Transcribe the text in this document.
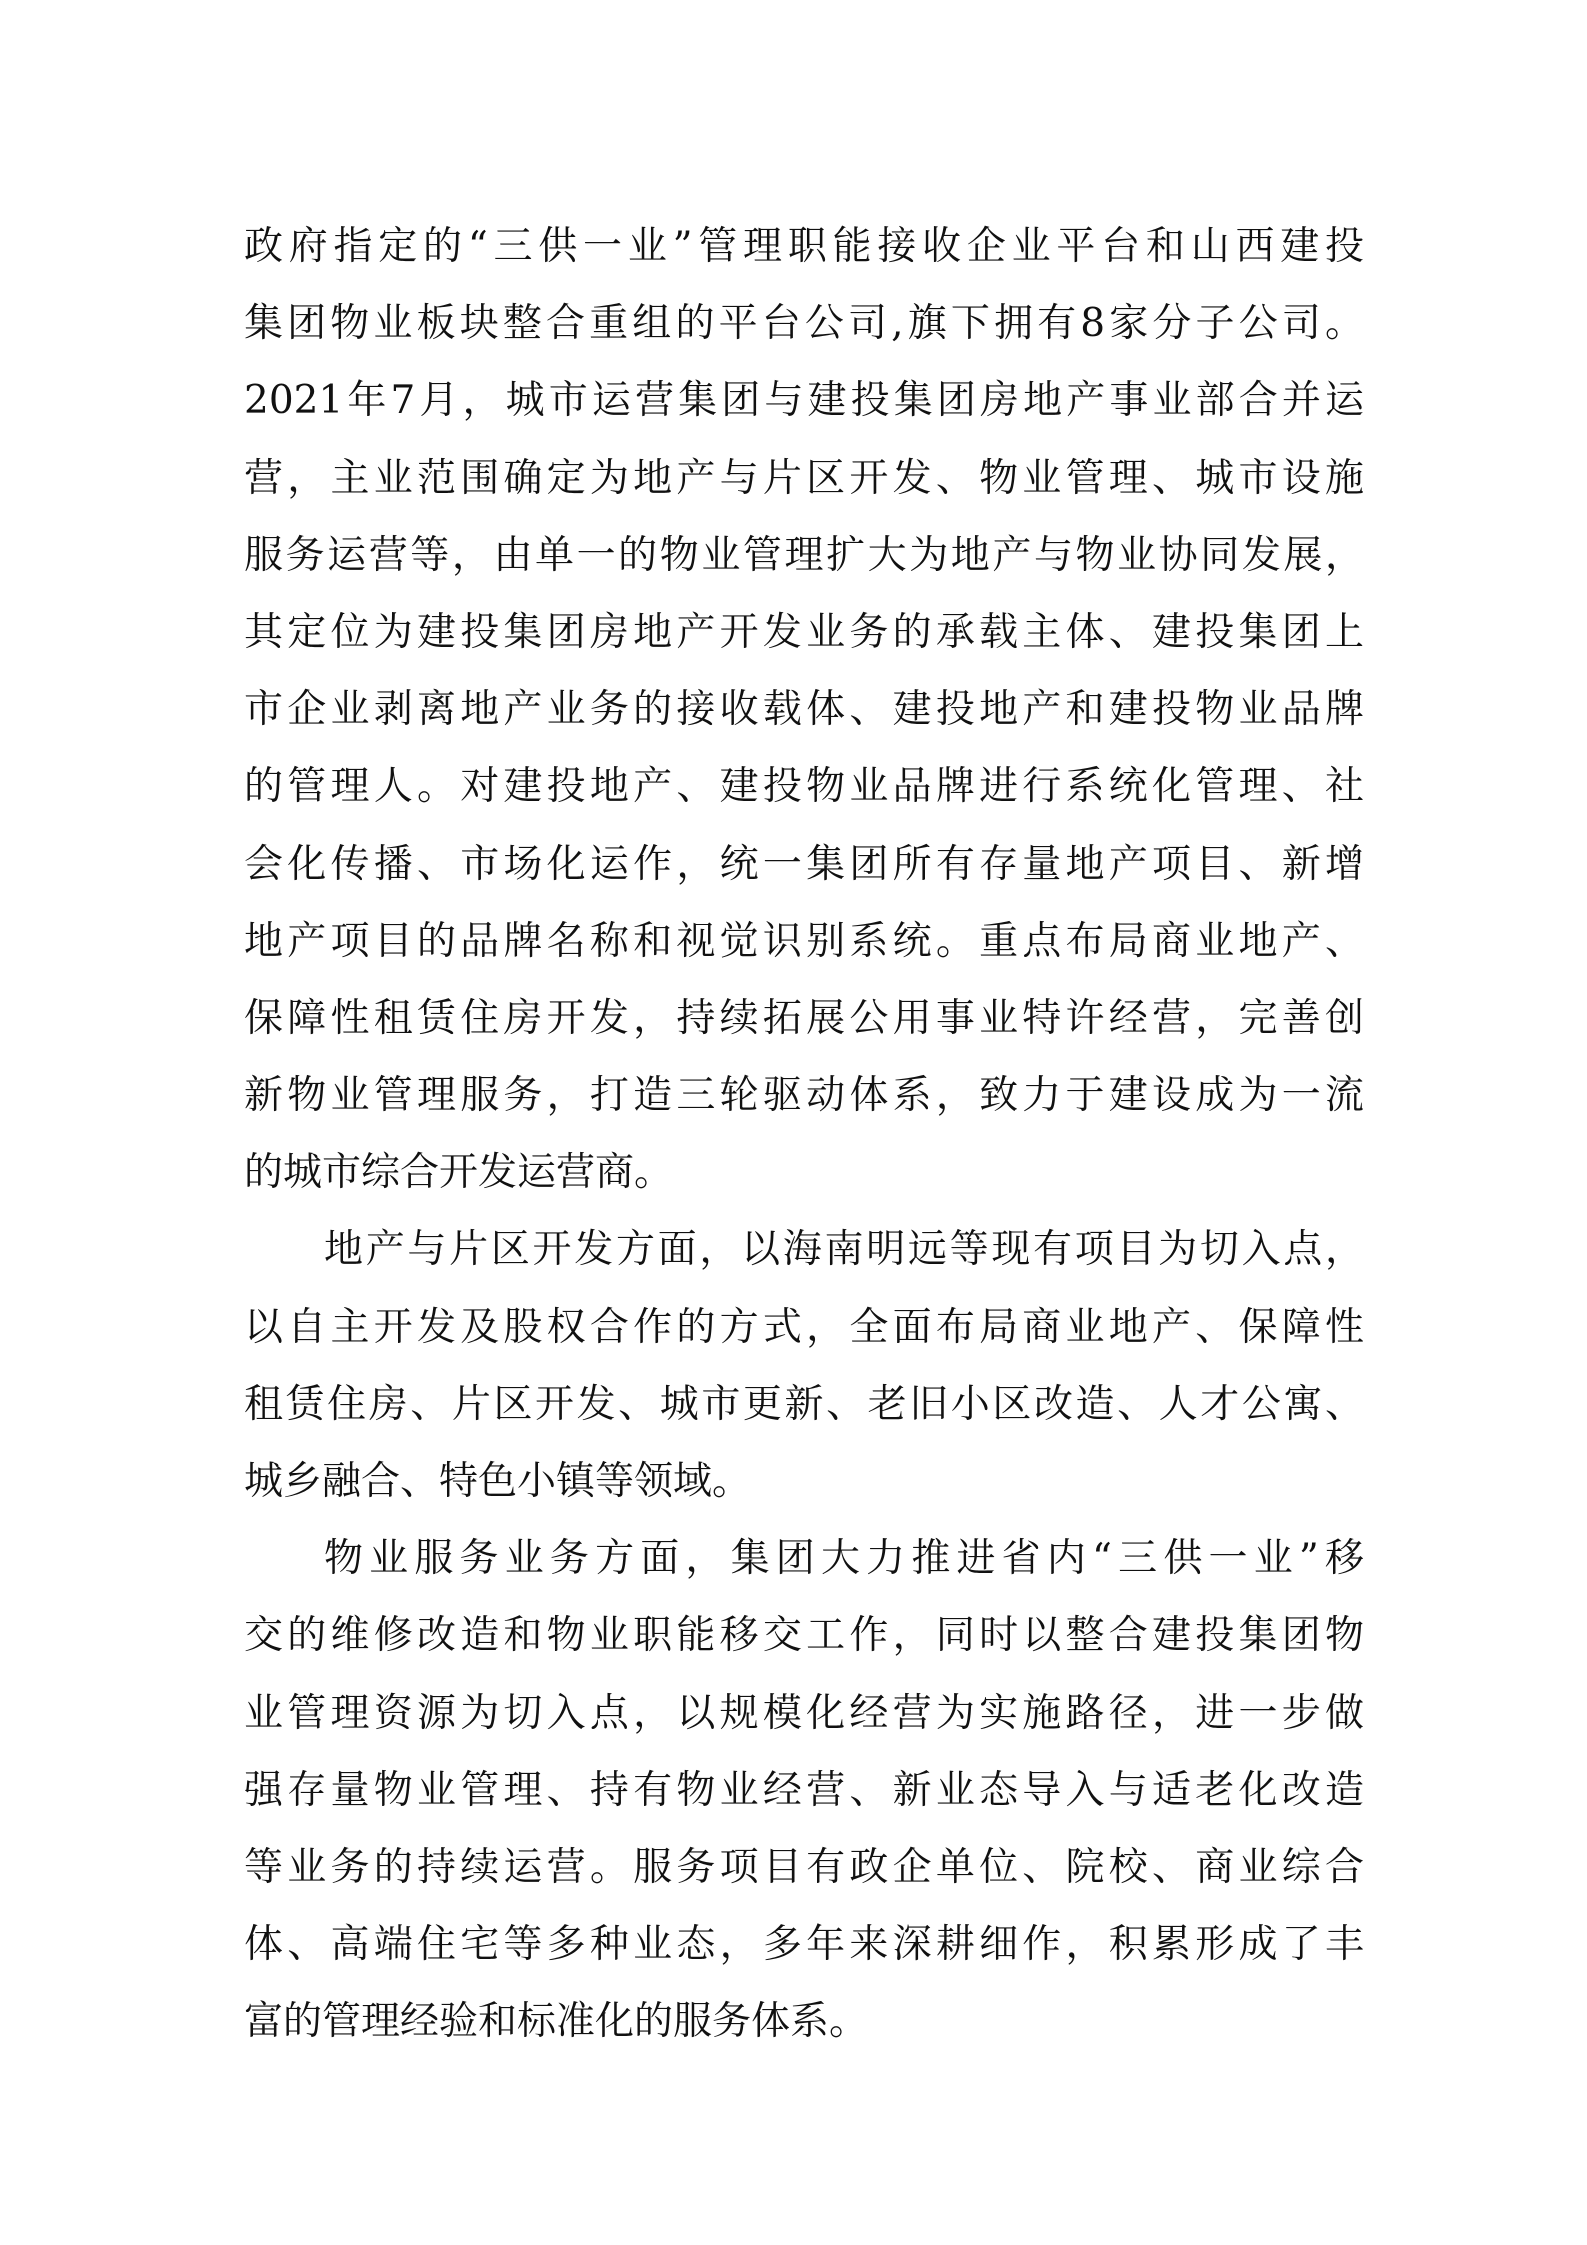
政府指定的“三供一业”管理职能接收企业平台和山西建投
集团物业板块整合重组的平台公司,旗下拥有8家分子公司。
2021年7月，城市运营集团与建投集团房地产事业部合并运
营，主业范围确定为地产与片区开发、物业管理、城市设施
服务运营等，由单一的物业管理扩大为地产与物业协同发展，
其定位为建投集团房地产开发业务的承载主体、建投集团上
市企业剥离地产业务的接收载体、建投地产和建投物业品牌
的管理人。对建投地产、建投物业品牌进行系统化管理、社
会化传播、市场化运作，统一集团所有存量地产项目、新增
地产项目的品牌名称和视觉识别系统。重点布局商业地产、
保障性租赁住房开发，持续拓展公用事业特许经营，完善创
新物业管理服务，打造三轮驱动体系，致力于建设成为一流
的城市综合开发运营商。
地产与片区开发方面，以海南明远等现有项目为切入点，
以自主开发及股权合作的方式，全面布局商业地产、保障性
租赁住房、片区开发、城市更新、老旧小区改造、人才公寓、
城乡融合、特色小镇等领域。
物业服务业务方面，集团大力推进省内“三供一业”移
交的维修改造和物业职能移交工作，同时以整合建投集团物
业管理资源为切入点，以规模化经营为实施路径，进一步做
强存量物业管理、持有物业经营、新业态导入与适老化改造
等业务的持续运营。服务项目有政企单位、院校、商业综合
体、高端住宅等多种业态，多年来深耕细作，积累形成了丰
富的管理经验和标准化的服务体系。
